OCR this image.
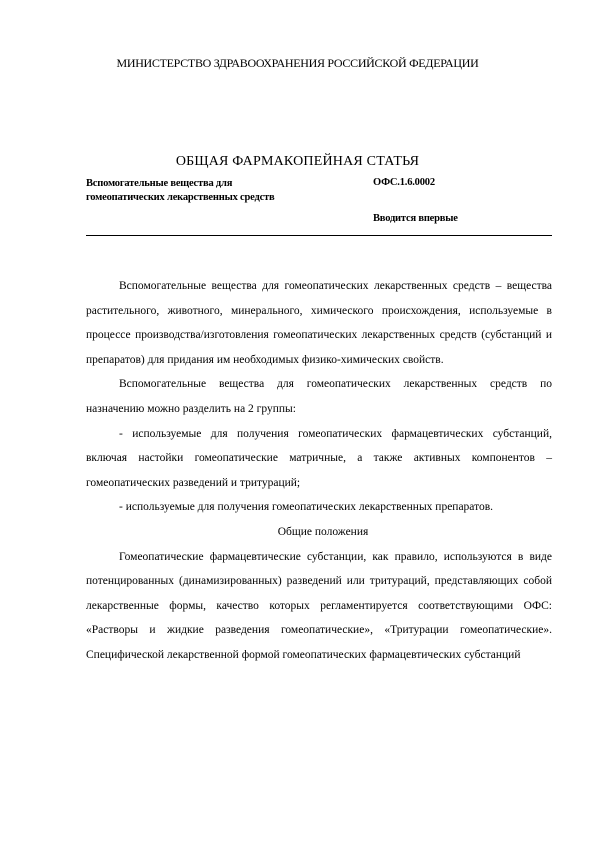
МИНИСТЕРСТВО ЗДРАВООХРАНЕНИЯ РОССИЙСКОЙ ФЕДЕРАЦИИ
ОБЩАЯ ФАРМАКОПЕЙНАЯ СТАТЬЯ
Вспомогательные вещества для
гомеопатических лекарственных средств
ОФС.1.6.0002
Вводится впервые

Вспомогательные вещества для гомеопатических лекарственных средств – вещества растительного, животного, минерального, химического происхождения, используемые в процессе производства/изготовления гомеопатических лекарственных средств (субстанций и препаратов) для придания им необходимых физико-химических свойств.

Вспомогательные вещества для гомеопатических лекарственных средств по назначению можно разделить на 2 группы:

- используемые для получения гомеопатических фармацевтических субстанций, включая настойки гомеопатические матричные, а также активных компонентов – гомеопатических разведений и тритураций;

- используемые для получения гомеопатических лекарственных препаратов.

Общие положения

Гомеопатические фармацевтические субстанции, как правило, используются в виде потенцированных (динамизированных) разведений или тритураций, представляющих собой лекарственные формы, качество которых регламентируется соответствующими ОФС: «Растворы и жидкие разведения гомеопатические», «Тритурации гомеопатические». Специфической лекарственной формой гомеопатических фармацевтических субстанций
